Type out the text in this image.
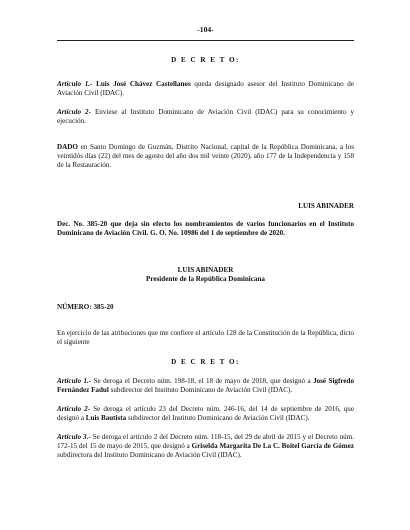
-104-
D E C R E T O:
Artículo 1.- Luis José Chávez Castellanos queda designado asesor del Instituto Dominicano de Aviación Civil (IDAC).
Artículo 2- Envíese al Instituto Dominicano de Aviación Civil (IDAC) para su conocimiento y ejecución.
DADO en Santo Domingo de Guzmán, Distrito Nacional, capital de la República Dominicana, a los veintidós días (22) del mes de agosto del año dos mil veinte (2020), año 177 de la Independencia y 158 de la Restauración.
LUIS ABINADER
Dec. No. 385-20 que deja sin efecto los nombramientos de varios funcionarios en el Instituto Dominicano de Aviación Civil. G. O. No. 10986 del 1 de septiembre de 2020.
LUIS ABINADER
Presidente de la República Dominicana
NÚMERO: 385-20
En ejercicio de las atribuciones que me confiere el artículo 128 de la Constitución de la República, dicto el siguiente
D E C R E T O:
Artículo 1.- Se deroga el Decreto núm. 198-18, el 18 de mayo de 2018, que designó a José Sigfredo Fernández Fadul subdirector del Instituto Dominicano de Aviación Civil (IDAC).
Artículo 2- Se deroga el artículo 23 del Decreto núm. 246-16, del 14 de septiembre de 2016, que designó a Luis Bautista subdirector del Instituto Dominicano de Aviación Civil (IDAC).
Artículo 3.- Se deroga el artículo 2 del Decreto núm. 118-15, del 29 de abril de 2015 y el Decreto núm. 172-15 del 15 de mayo de 2015, que designó a Griselda Margarita De La C. Boitel García de Gómez subdirectora del Instituto Dominicano de Aviación Civil (IDAC).
